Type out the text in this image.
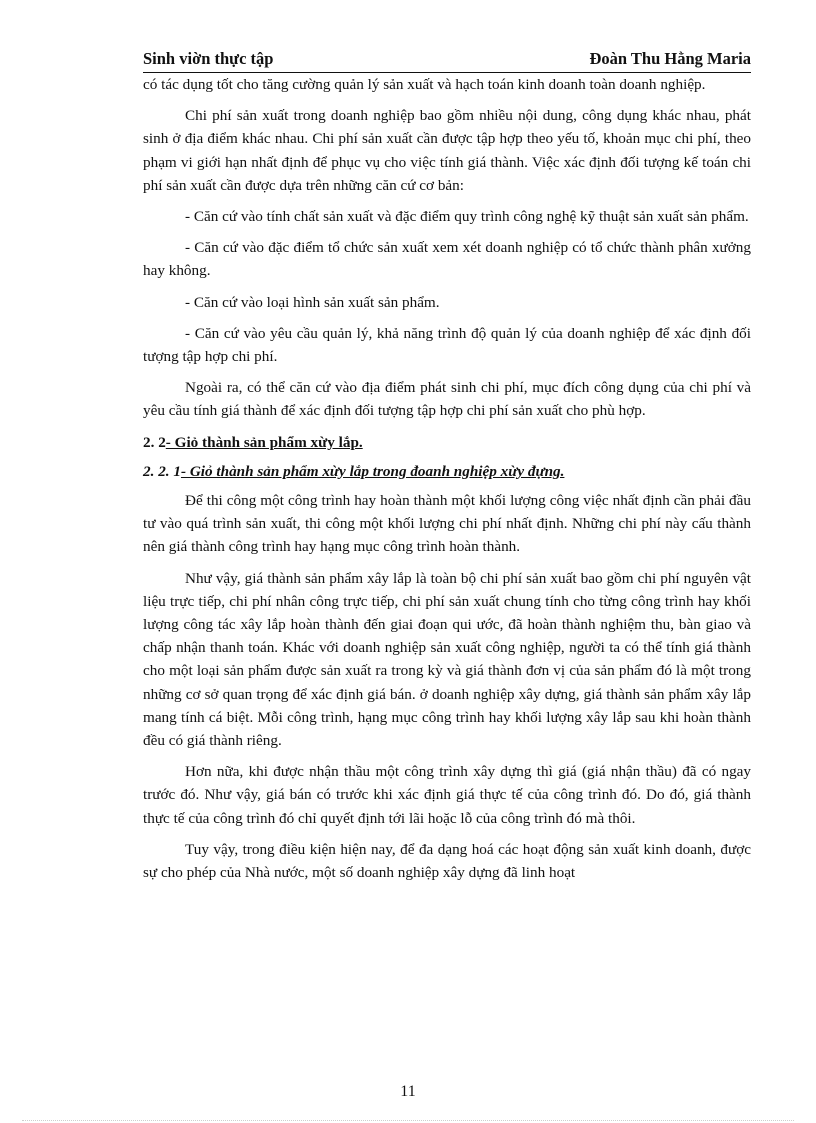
Sinh viờn thực tập	Đoàn Thu Hằng Maria

có tác dụng tốt cho tăng cường quản lý sản xuất và hạch toán kinh doanh toàn doanh nghiệp.

Chi phí sản xuất trong doanh nghiệp bao gồm nhiều nội dung, công dụng khác nhau, phát sinh ở địa điểm khác nhau. Chi phí sản xuất cần được tập hợp theo yếu tố, khoản mục chi phí, theo phạm vi giới hạn nhất định để phục vụ cho việc tính giá thành. Việc xác định đối tượng kế toán chi phí sản xuất cần được dựa trên những căn cứ cơ bản:

- Căn cứ vào tính chất sản xuất và đặc điểm quy trình công nghệ kỹ thuật sản xuất sản phẩm.

- Căn cứ vào đặc điểm tổ chức sản xuất xem xét doanh nghiệp có tổ chức thành phân xưởng hay không.

- Căn cứ vào loại hình sản xuất sản phẩm.

- Căn cứ vào yêu cầu quản lý, khả năng trình độ quản lý của doanh nghiệp để xác định đối tượng tập hợp chi phí.

Ngoài ra, có thể căn cứ vào địa điểm phát sinh chi phí, mục đích công dụng của chi phí và yêu cầu tính giá thành để xác định đối tượng tập hợp chi phí sản xuất cho phù hợp.

2. 2- Giỏ thành sản phẩm xừy lắp.
2. 2. 1- Giỏ thành sản phẩm xừy lắp trong đoanh nghiệp xừy đựng.

Để thi công một công trình hay hoàn thành một khối lượng công việc nhất định cần phải đầu tư vào quá trình sản xuất, thi công một khối lượng chi phí nhất định. Những chi phí này cấu thành nên giá thành công trình hay hạng mục công trình hoàn thành.

Như vậy, giá thành sản phẩm xây lắp là toàn bộ chi phí sản xuất bao gồm chi phí nguyên vật liệu trực tiếp, chi phí nhân công trực tiếp, chi phí sản xuất chung tính cho từng công trình hay khối lượng công tác xây lắp hoàn thành đến giai đoạn qui ước, đã hoàn thành nghiệm thu, bàn giao và chấp nhận thanh toán. Khác với doanh nghiệp sản xuất công nghiệp, người ta có thể tính giá thành cho một loại sản phẩm được sản xuất ra trong kỳ và giá thành đơn vị của sản phẩm đó là một trong những cơ sở quan trọng để xác định giá bán. ở doanh nghiệp xây dựng, giá thành sản phẩm xây lắp mang tính cá biệt. Mỗi công trình, hạng mục công trình hay khối lượng xây lắp sau khi hoàn thành đều có giá thành riêng.

Hơn nữa, khi được nhận thầu một công trình xây dựng thì giá (giá nhận thầu) đã có ngay trước đó. Như vậy, giá bán có trước khi xác định giá thực tế của công trình đó. Do đó, giá thành thực tế của công trình đó chỉ quyết định tới lãi hoặc lỗ của công trình đó mà thôi.

Tuy vậy, trong điều kiện hiện nay, để đa dạng hoá các hoạt động sản xuất kinh doanh, được sự cho phép của Nhà nước, một số doanh nghiệp xây dựng đã linh hoạt

11
